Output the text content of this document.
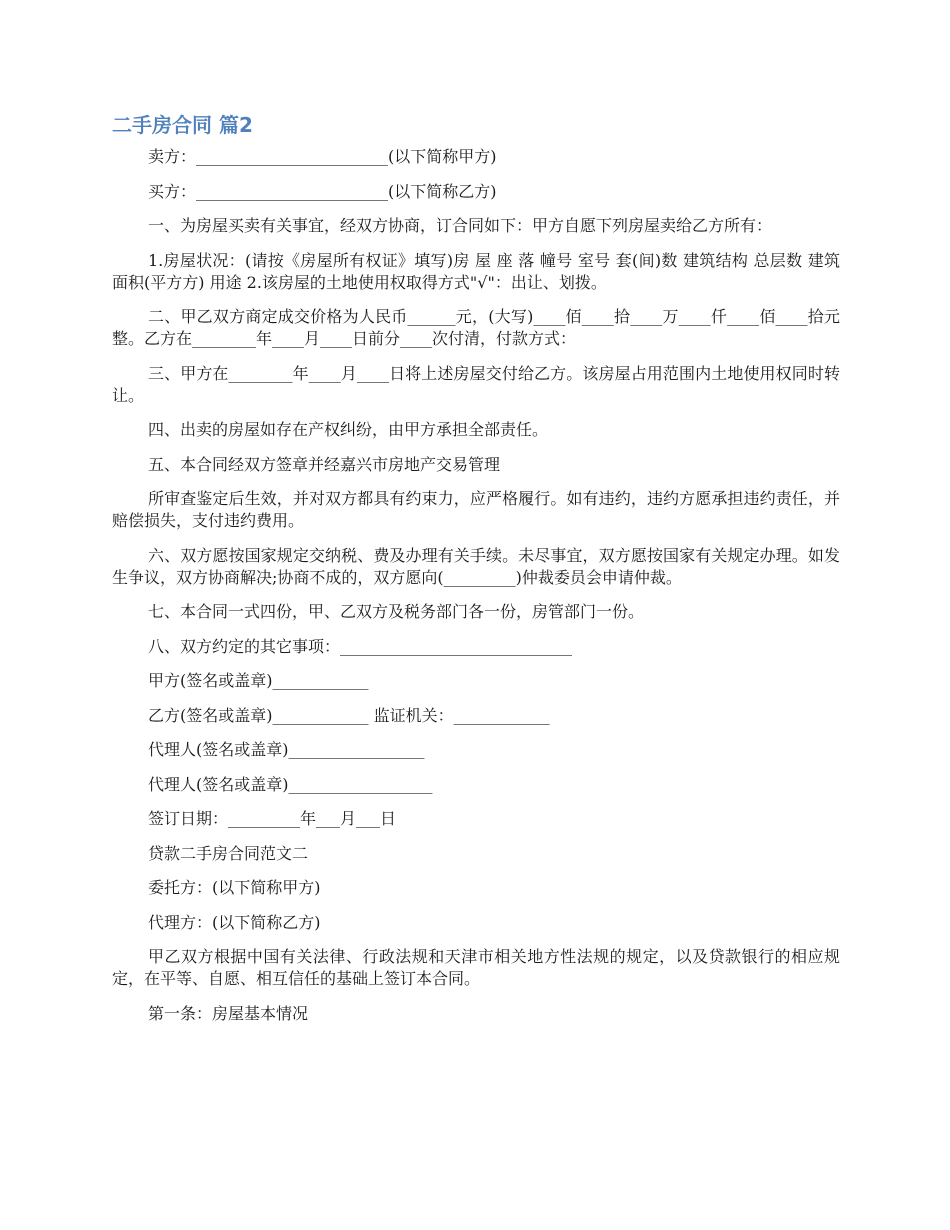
二手房合同 篇2

卖方：________________________(以下简称甲方)

买方：________________________(以下简称乙方)

一、为房屋买卖有关事宜，经双方协商，订合同如下：甲方自愿下列房屋卖给乙方所有：

1.房屋状况：(请按《房屋所有权证》填写)房 屋 座 落 幢号 室号 套(间)数 建筑结构 总层数 建筑面积(平方方) 用途 2.该房屋的土地使用权取得方式"√"：出让、划拨。

二、甲乙双方商定成交价格为人民币______元，(大写)____佰____拾____万____仟____佰____拾元整。乙方在________年____月____日前分____次付清，付款方式：

三、甲方在________年____月____日将上述房屋交付给乙方。该房屋占用范围内土地使用权同时转让。

四、出卖的房屋如存在产权纠纷，由甲方承担全部责任。

五、本合同经双方签章并经嘉兴市房地产交易管理

所审查鉴定后生效，并对双方都具有约束力，应严格履行。如有违约，违约方愿承担违约责任，并赔偿损失，支付违约费用。

六、双方愿按国家规定交纳税、费及办理有关手续。未尽事宜，双方愿按国家有关规定办理。如发生争议，双方协商解决;协商不成的，双方愿向(_________)仲裁委员会申请仲裁。

七、本合同一式四份，甲、乙双方及税务部门各一份，房管部门一份。

八、双方约定的其它事项：_____________________________

甲方(签名或盖章)____________

乙方(签名或盖章)____________ 监证机关：____________

代理人(签名或盖章)_________________

代理人(签名或盖章)__________________

签订日期：_________年___月___日

贷款二手房合同范文二

委托方：(以下简称甲方)

代理方：(以下简称乙方)

甲乙双方根据中国有关法律、行政法规和天津市相关地方性法规的规定，以及贷款银行的相应规定，在平等、自愿、相互信任的基础上签订本合同。

第一条：房屋基本情况
